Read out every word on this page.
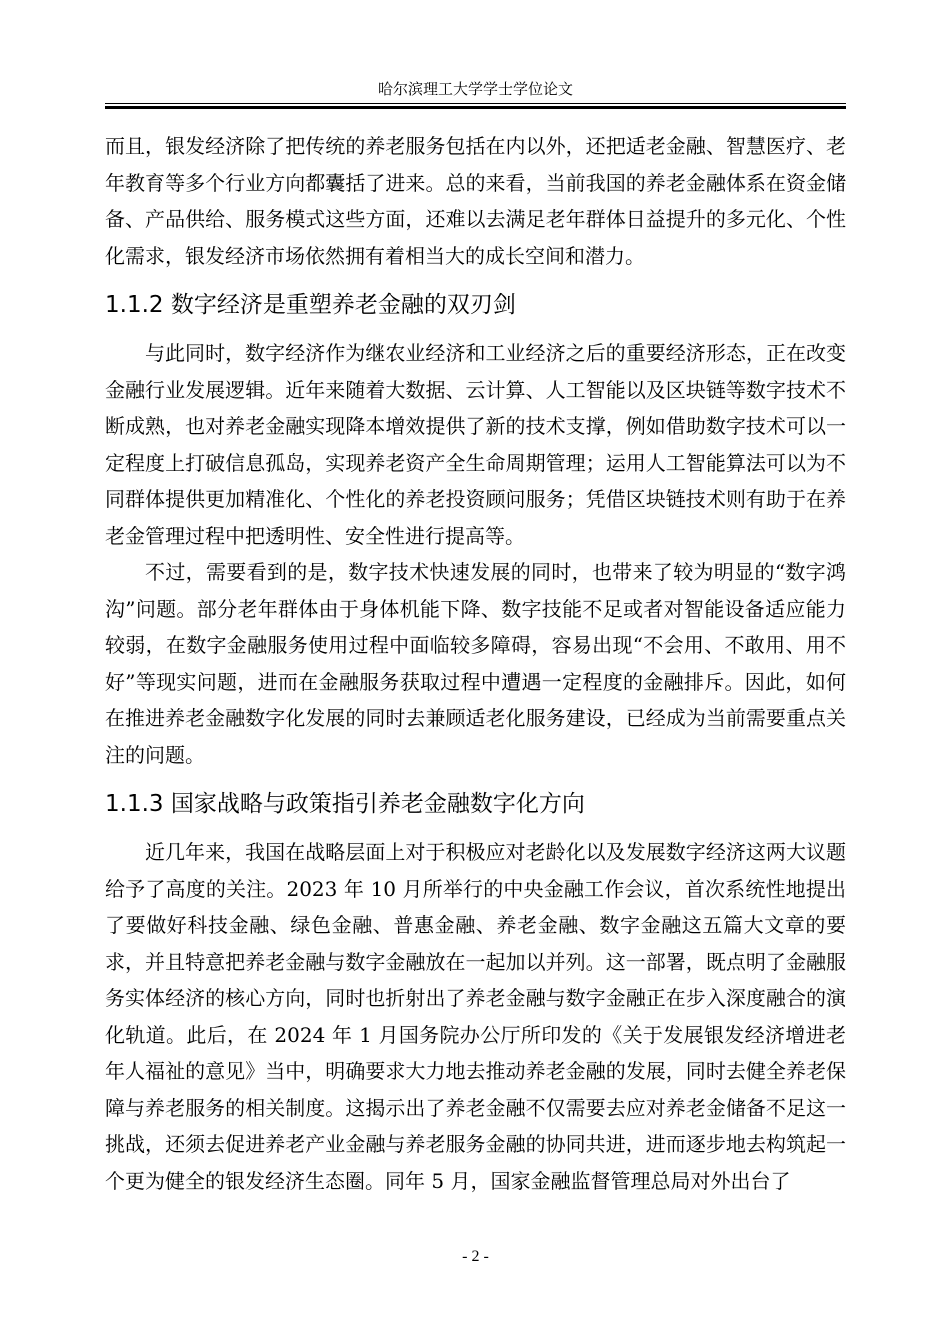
哈尔滨理工大学学士学位论文

而且，银发经济除了把传统的养老服务包括在内以外，还把适老金融、智慧医疗、老年教育等多个行业方向都囊括了进来。总的来看，当前我国的养老金融体系在资金储备、产品供给、服务模式这些方面，还难以去满足老年群体日益提升的多元化、个性化需求，银发经济市场依然拥有着相当大的成长空间和潜力。

1.1.2 数字经济是重塑养老金融的双刃剑

与此同时，数字经济作为继农业经济和工业经济之后的重要经济形态，正在改变金融行业发展逻辑。近年来随着大数据、云计算、人工智能以及区块链等数字技术不断成熟，也对养老金融实现降本增效提供了新的技术支撑，例如借助数字技术可以一定程度上打破信息孤岛，实现养老资产全生命周期管理；运用人工智能算法可以为不同群体提供更加精准化、个性化的养老投资顾问服务；凭借区块链技术则有助于在养老金管理过程中把透明性、安全性进行提高等。

不过，需要看到的是，数字技术快速发展的同时，也带来了较为明显的“数字鸿沟”问题。部分老年群体由于身体机能下降、数字技能不足或者对智能设备适应能力较弱，在数字金融服务使用过程中面临较多障碍，容易出现“不会用、不敢用、用不好”等现实问题，进而在金融服务获取过程中遭遇一定程度的金融排斥。因此，如何在推进养老金融数字化发展的同时去兼顾适老化服务建设，已经成为当前需要重点关注的问题。

1.1.3 国家战略与政策指引养老金融数字化方向

近几年来，我国在战略层面上对于积极应对老龄化以及发展数字经济这两大议题给予了高度的关注。2023 年 10 月所举行的中央金融工作会议，首次系统性地提出了要做好科技金融、绿色金融、普惠金融、养老金融、数字金融这五篇大文章的要求，并且特意把养老金融与数字金融放在一起加以并列。这一部署，既点明了金融服务实体经济的核心方向，同时也折射出了养老金融与数字金融正在步入深度融合的演化轨道。此后，在 2024 年 1 月国务院办公厅所印发的《关于发展银发经济增进老年人福祉的意见》当中，明确要求大力地去推动养老金融的发展，同时去健全养老保障与养老服务的相关制度。这揭示出了养老金融不仅需要去应对养老金储备不足这一挑战，还须去促进养老产业金融与养老服务金融的协同共进，进而逐步地去构筑起一个更为健全的银发经济生态圈。同年 5 月，国家金融监督管理总局对外出台了

- 2 -
